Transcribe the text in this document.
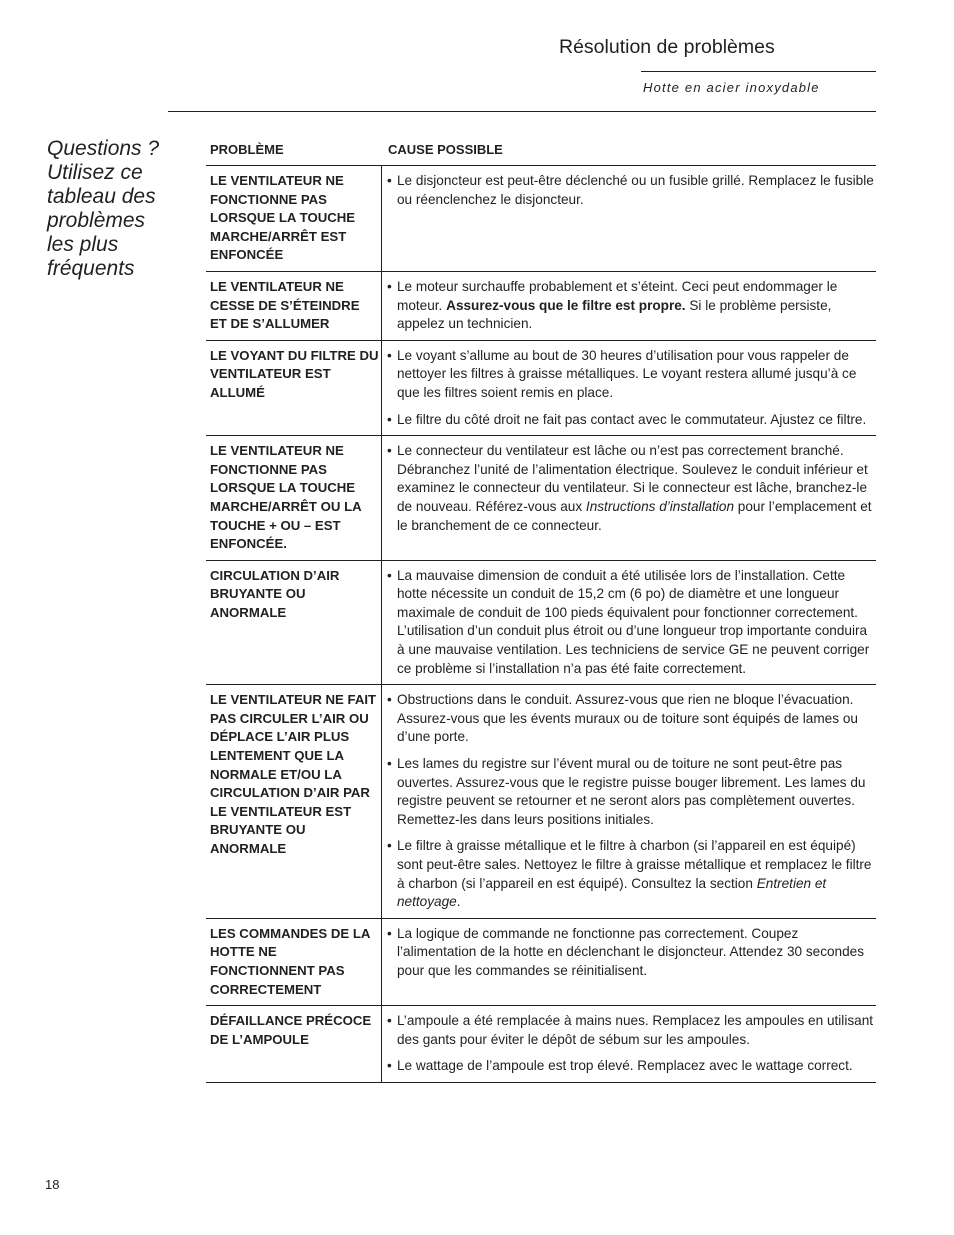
Résolution de problèmes
Hotte en acier inoxydable
Questions ? Utilisez ce tableau des problèmes les plus fréquents
PROBLÈME	CAUSE POSSIBLE
LE VENTILATEUR NE FONCTIONNE PAS LORSQUE LA TOUCHE MARCHE/ARRÊT EST ENFONCÉE
• Le disjoncteur est peut-être déclenché ou un fusible grillé. Remplacez le fusible ou réenclenchez le disjoncteur.
LE VENTILATEUR NE CESSE DE S’ÉTEINDRE ET DE S’ALLUMER
• Le moteur surchauffe probablement et s’éteint. Ceci peut endommager le moteur. Assurez-vous que le filtre est propre. Si le problème persiste, appelez un technicien.
LE VOYANT DU FILTRE DU VENTILATEUR EST ALLUMÉ
• Le voyant s’allume au bout de 30 heures d’utilisation pour vous rappeler de nettoyer les filtres à graisse métalliques. Le voyant restera allumé jusqu’à ce que les filtres soient remis en place.
• Le filtre du côté droit ne fait pas contact avec le commutateur. Ajustez ce filtre.
LE VENTILATEUR NE FONCTIONNE PAS LORSQUE LA TOUCHE MARCHE/ARRÊT OU LA TOUCHE + OU – EST ENFONCÉE.
• Le connecteur du ventilateur est lâche ou n’est pas correctement branché. Débranchez l’unité de l’alimentation électrique. Soulevez le conduit inférieur et examinez le connecteur du ventilateur. Si le connecteur est lâche, branchez-le de nouveau. Référez-vous aux Instructions d’installation pour l’emplacement et le branchement de ce connecteur.
CIRCULATION D’AIR BRUYANTE OU ANORMALE
• La mauvaise dimension de conduit a été utilisée lors de l’installation. Cette hotte nécessite un conduit de 15,2 cm (6 po) de diamètre et une longueur maximale de conduit de 100 pieds équivalent pour fonctionner correctement. L’utilisation d’un conduit plus étroit ou d’une longueur trop importante conduira à une mauvaise ventilation. Les techniciens de service GE ne peuvent corriger ce problème si l’installation n’a pas été faite correctement.
LE VENTILATEUR NE FAIT PAS CIRCULER L’AIR OU DÉPLACE L’AIR PLUS LENTEMENT QUE LA NORMALE ET/OU LA CIRCULATION D’AIR PAR LE VENTILATEUR EST BRUYANTE OU ANORMALE
• Obstructions dans le conduit. Assurez-vous que rien ne bloque l’évacuation. Assurez-vous que les évents muraux ou de toiture sont équipés de lames ou d’une porte.
• Les lames du registre sur l’évent mural ou de toiture ne sont peut-être pas ouvertes. Assurez-vous que le registre puisse bouger librement. Les lames du registre peuvent se retourner et ne seront alors pas complètement ouvertes. Remettez-les dans leurs positions initiales.
• Le filtre à graisse métallique et le filtre à charbon (si l’appareil en est équipé) sont peut-être sales. Nettoyez le filtre à graisse métallique et remplacez le filtre à charbon (si l’appareil en est équipé). Consultez la section Entretien et nettoyage.
LES COMMANDES DE LA HOTTE NE FONCTIONNENT PAS CORRECTEMENT
• La logique de commande ne fonctionne pas correctement. Coupez l’alimentation de la hotte en déclenchant le disjoncteur. Attendez 30 secondes pour que les commandes se réinitialisent.
DÉFAILLANCE PRÉCOCE DE L’AMPOULE
• L’ampoule a été remplacée à mains nues. Remplacez les ampoules en utilisant des gants pour éviter le dépôt de sébum sur les ampoules.
• Le wattage de l’ampoule est trop élevé. Remplacez avec le wattage correct.
18
